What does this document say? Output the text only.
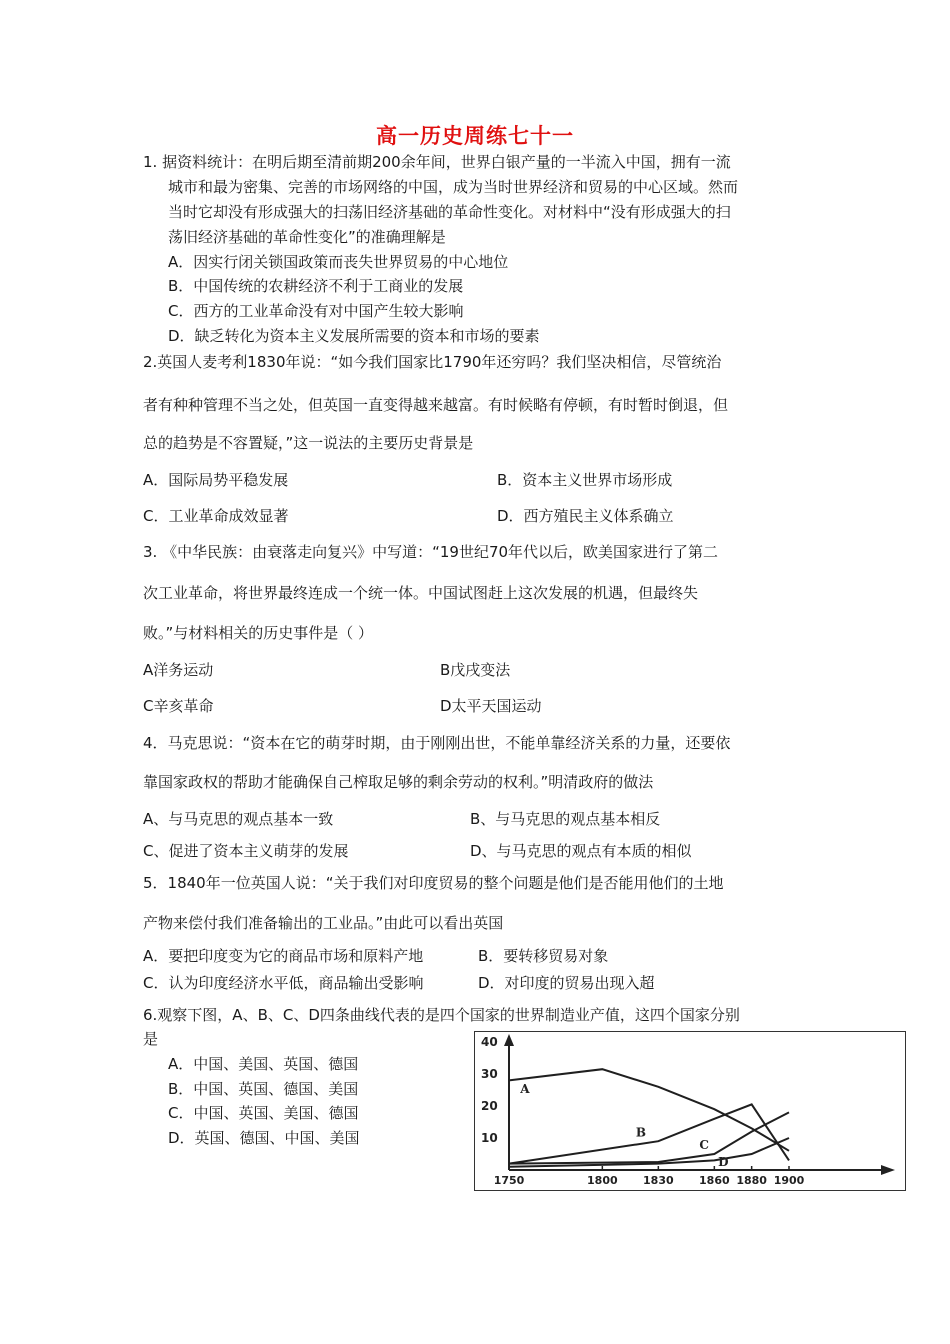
高一历史周练七十一
1. 据资料统计：在明后期至清前期200余年间，世界白银产量的一半流入中国，拥有一流
城市和最为密集、完善的市场网络的中国，成为当时世界经济和贸易的中心区域。然而
当时它却没有形成强大的扫荡旧经济基础的革命性变化。对材料中“没有形成强大的扫
荡旧经济基础的革命性变化”的准确理解是
A．因实行闭关锁国政策而丧失世界贸易的中心地位
B．中国传统的农耕经济不利于工商业的发展
C．西方的工业革命没有对中国产生较大影响
D．缺乏转化为资本主义发展所需要的资本和市场的要素
2.英国人麦考利1830年说：“如今我们国家比1790年还穷吗？我们坚决相信，尽管统治
者有种种管理不当之处，但英国一直变得越来越富。有时候略有停顿，有时暂时倒退，但
总的趋势是不容置疑，”这一说法的主要历史背景是
A．国际局势平稳发展	B．资本主义世界市场形成
C．工业革命成效显著	D．西方殖民主义体系确立
3. 《中华民族：由衰落走向复兴》中写道：“19世纪70年代以后，欧美国家进行了第二
次工业革命，将世界最终连成一个统一体。中国试图赶上这次发展的机遇，但最终失
败。”与材料相关的历史事件是（ ）
A洋务运动	B戊戌变法
C辛亥革命	D太平天国运动
4．马克思说：“资本在它的萌芽时期，由于刚刚出世，不能单靠经济关系的力量，还要依
靠国家政权的帮助才能确保自己榨取足够的剩余劳动的权利。”明清政府的做法
A、与马克思的观点基本一致	B、与马克思的观点基本相反
C、促进了资本主义萌芽的发展	D、与马克思的观点有本质的相似
5．1840年一位英国人说：“关于我们对印度贸易的整个问题是他们是否能用他们的土地
产物来偿付我们准备输出的工业品。”由此可以看出英国
A．要把印度变为它的商品市场和原料产地	B．要转移贸易对象
C．认为印度经济水平低，商品输出受影响	D．对印度的贸易出现入超
6.观察下图，A、B、C、D四条曲线代表的是四个国家的世界制造业产值，这四个国家分别
是
A．中国、美国、英国、德国
B．中国、英国、德国、美国
C．中国、英国、美国、德国
D．英国、德国、中国、美国
40
30
20
10
1750	1800 1830 1860 1880 1900
A
B
C
D
